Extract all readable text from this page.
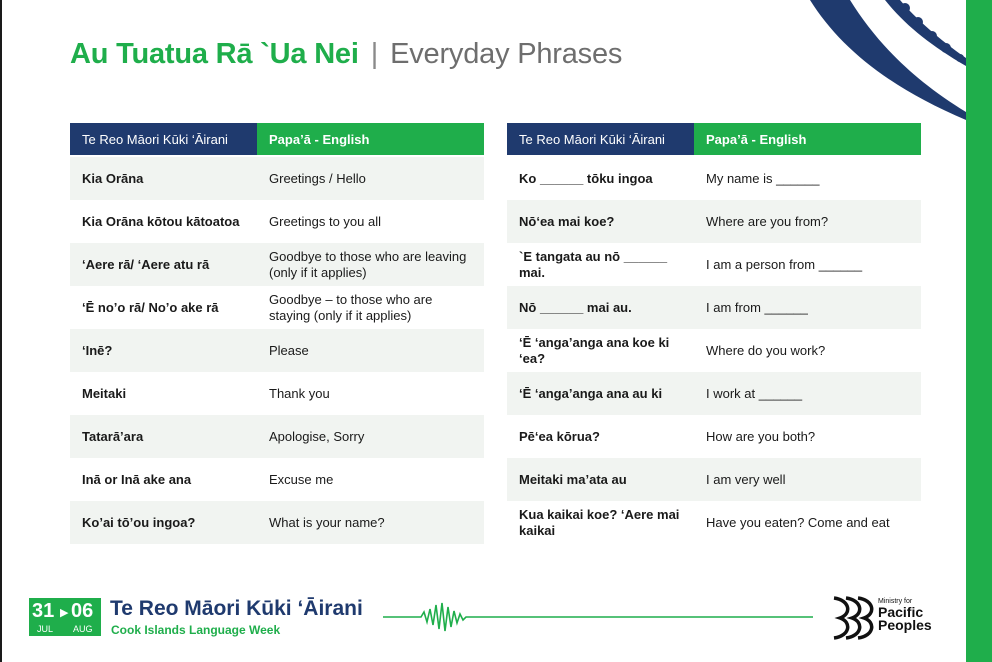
Au Tuatua Rā `Ua Nei | Everyday Phrases
Te Reo Māori Kūki ‘Āirani	Papa’ā - English

Kia Orāna	Greetings / Hello
Kia Orāna kōtou kātoatoa	Greetings to you all
‘Aere rā/ ‘Aere atu rā	Goodbye to those who are leaving (only if it applies)
‘Ē no’o rā/ No’o ake rā	Goodbye – to those who are staying (only if it applies)
‘Inē?	Please
Meitaki	Thank you
Tatarā’ara	Apologise, Sorry
Inā or Inā ake ana	Excuse me
Ko’ai tō’ou ingoa?	What is your name?
Te Reo Māori Kūki ‘Āirani	Papa’ā - English

Ko ______ tōku ingoa	My name is ______
Nō‘ea mai koe?	Where are you from?
`E tangata au nō ______ mai.	I am a person from ______
Nō ______ mai au.	I am from ______
‘Ē ‘anga’anga ana koe ki ‘ea?	Where do you work?
‘Ē ‘anga’anga ana au ki	I work at ______
Pē‘ea kōrua?	How are you both?
Meitaki ma’ata au	I am very well
Kua kaikai koe? ‘Aere mai kaikai	Have you eaten? Come and eat
31 ▶ 06
JUL AUG
Te Reo Māori Kūki ‘Āirani
Cook Islands Language Week
Ministry for
Pacific
Peoples
